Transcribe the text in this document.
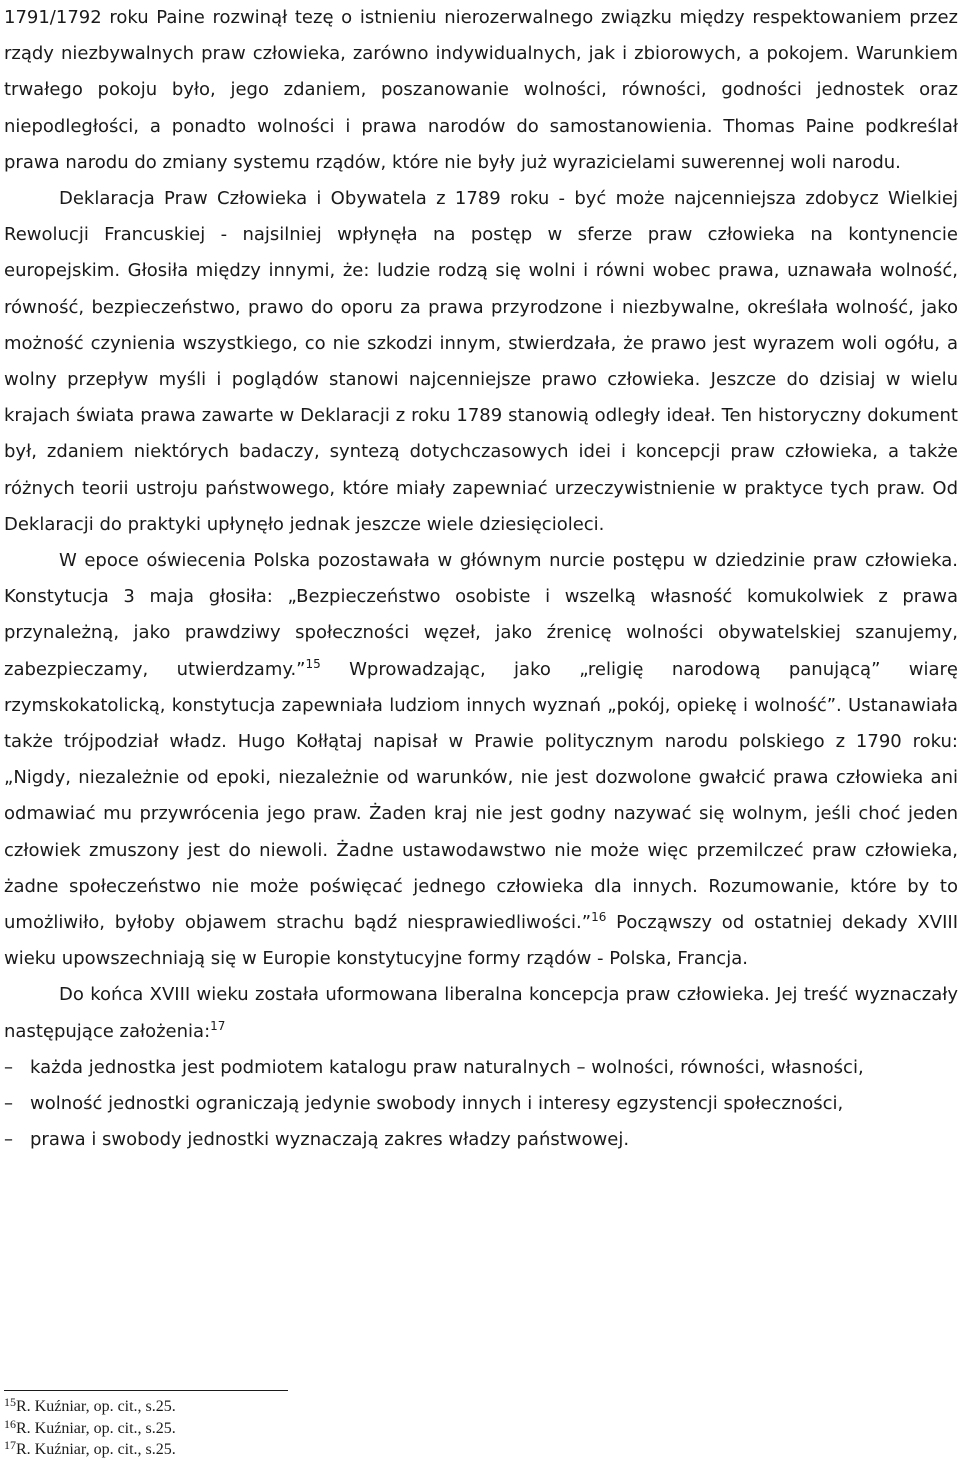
1791/1792 roku Paine rozwinął tezę o istnieniu nierozerwalnego związku między respektowaniem przez rządy niezbywalnych praw człowieka, zarówno indywidualnych, jak i zbiorowych, a pokojem. Warunkiem trwałego pokoju było, jego zdaniem, poszanowanie wolności, równości, godności jednostek oraz niepodległości, a ponadto wolności i prawa narodów do samostanowienia. Thomas Paine podkreślał prawa narodu do zmiany systemu rządów, które nie były już wyrazicielami suwerennej woli narodu.

Deklaracja Praw Człowieka i Obywatela z 1789 roku - być może najcenniejsza zdobycz Wielkiej Rewolucji Francuskiej - najsilniej wpłynęła na postęp w sferze praw człowieka na kontynencie europejskim. Głosiła między innymi, że: ludzie rodzą się wolni i równi wobec prawa, uznawała wolność, równość, bezpieczeństwo, prawo do oporu za prawa przyrodzone i niezbywalne, określała wolność, jako możność czynienia wszystkiego, co nie szkodzi innym, stwierdzała, że prawo jest wyrazem woli ogółu, a wolny przepływ myśli i poglądów stanowi najcenniejsze prawo człowieka. Jeszcze do dzisiaj w wielu krajach świata prawa zawarte w Deklaracji z roku 1789 stanowią odległy ideał. Ten historyczny dokument był, zdaniem niektórych badaczy, syntezą dotychczasowych idei i koncepcji praw człowieka, a także różnych teorii ustroju państwowego, które miały zapewniać urzeczywistnienie w praktyce tych praw. Od Deklaracji do praktyki upłynęło jednak jeszcze wiele dziesięcioleci.

W epoce oświecenia Polska pozostawała w głównym nurcie postępu w dziedzinie praw człowieka. Konstytucja 3 maja głosiła: „Bezpieczeństwo osobiste i wszelką własność komukolwiek z prawa przynależną, jako prawdziwy społeczności węzeł, jako źrenicę wolności obywatelskiej szanujemy, zabezpieczamy, utwierdzamy.”$^{15}$ Wprowadzając, jako „religię narodową panującą” wiarę rzymskokatolicką, konstytucja zapewniała ludziom innych wyznań „pokój, opiekę i wolność”. Ustanawiała także trójpodział władz. Hugo Kołłątaj napisał w Prawie politycznym narodu polskiego z 1790 roku: „Nigdy, niezależnie od epoki, niezależnie od warunków, nie jest dozwolone gwałcić prawa człowieka ani odmawiać mu przywrócenia jego praw. Żaden kraj nie jest godny nazywać się wolnym, jeśli choć jeden człowiek zmuszony jest do niewoli. Żadne ustawodawstwo nie może więc przemilczeć praw człowieka, żadne społeczeństwo nie może poświęcać jednego człowieka dla innych. Rozumowanie, które by to umożliwiło, byłoby objawem strachu bądź niesprawiedliwości.”$^{16}$ Począwszy od ostatniej dekady XVIII wieku upowszechniają się w Europie konstytucyjne formy rządów - Polska, Francja.

Do końca XVIII wieku została uformowana liberalna koncepcja praw człowieka. Jej treść wyznaczały następujące założenia:$^{17}$

– każda jednostka jest podmiotem katalogu praw naturalnych – wolności, równości, własności,
– wolność jednostki ograniczają jedynie swobody innych i interesy egzystencji społeczności,
– prawa i swobody jednostki wyznaczają zakres władzy państwowej.
$^{15}$R. Kuźniar, op. cit., s.25.
$^{16}$R. Kuźniar, op. cit., s.25.
$^{17}$R. Kuźniar, op. cit., s.25.
